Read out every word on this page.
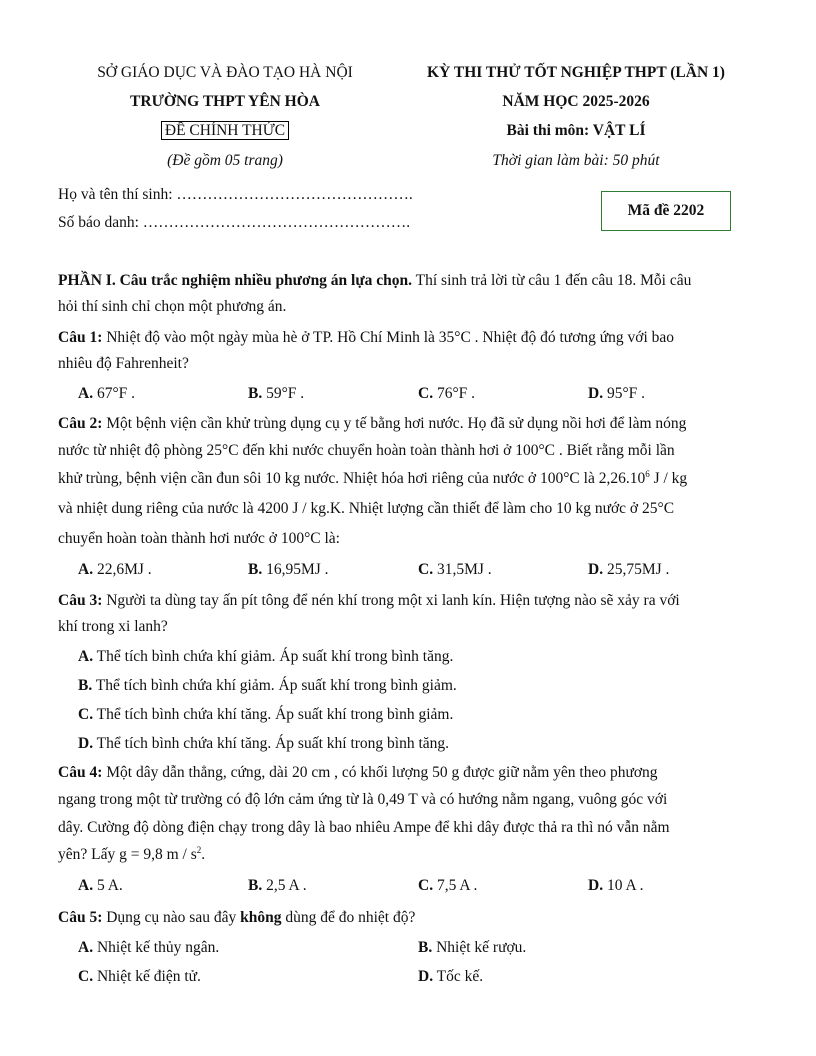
SỞ GIÁO DỤC VÀ ĐÀO TẠO HÀ NỘI
TRƯỜNG THPT YÊN HÒA
ĐỀ CHÍNH THỨC
(Đề gồm 05 trang)
KỲ THI THỬ TỐT NGHIỆP THPT (LẦN 1)
NĂM HỌC 2025-2026
Bài thi môn: VẬT LÍ
Thời gian làm bài: 50 phút
Họ và tên thí sinh: ……………………………………….
Số báo danh: …………………………………………….
Mã đề 2202
PHẦN I. Câu trắc nghiệm nhiều phương án lựa chọn. Thí sinh trả lời từ câu 1 đến câu 18. Mỗi câu
hỏi thí sinh chỉ chọn một phương án.
Câu 1: Nhiệt độ vào một ngày mùa hè ở TP. Hồ Chí Minh là 35°C . Nhiệt độ đó tương ứng với bao
nhiêu độ Fahrenheit?
A. 67°F .	B. 59°F .	C. 76°F .	D. 95°F .
Câu 2: Một bệnh viện cần khử trùng dụng cụ y tế bằng hơi nước. Họ đã sử dụng nồi hơi để làm nóng
nước từ nhiệt độ phòng 25°C đến khi nước chuyển hoàn toàn thành hơi ở 100°C . Biết rằng mỗi lần
khử trùng, bệnh viện cần đun sôi 10 kg nước. Nhiệt hóa hơi riêng của nước ở 100°C là 2,26.10$^6$ J / kg
và nhiệt dung riêng của nước là 4200 J / kg.K. Nhiệt lượng cần thiết để làm cho 10 kg nước ở 25°C
chuyển hoàn toàn thành hơi nước ở 100°C là:
A. 22,6MJ .	B. 16,95MJ .	C. 31,5MJ .	D. 25,75MJ .
Câu 3: Người ta dùng tay ấn pít tông để nén khí trong một xi lanh kín. Hiện tượng nào sẽ xảy ra với
khí trong xi lanh?
A. Thể tích bình chứa khí giảm. Áp suất khí trong bình tăng.
B. Thể tích bình chứa khí giảm. Áp suất khí trong bình giảm.
C. Thể tích bình chứa khí tăng. Áp suất khí trong bình giảm.
D. Thể tích bình chứa khí tăng. Áp suất khí trong bình tăng.
Câu 4: Một dây dẫn thẳng, cứng, dài 20 cm , có khối lượng 50 g được giữ nằm yên theo phương
ngang trong một từ trường có độ lớn cảm ứng từ là 0,49 T và có hướng nằm ngang, vuông góc với
dây. Cường độ dòng điện chạy trong dây là bao nhiêu Ampe để khi dây được thả ra thì nó vẫn nằm
yên? Lấy g = 9,8 m / $s^2$.
A. 5 A.	B. 2,5 A .	C. 7,5 A .	D. 10 A .
Câu 5: Dụng cụ nào sau đây không dùng để đo nhiệt độ?
A. Nhiệt kế thủy ngân.	B. Nhiệt kế rượu.
C. Nhiệt kế điện tử.	D. Tốc kế.
